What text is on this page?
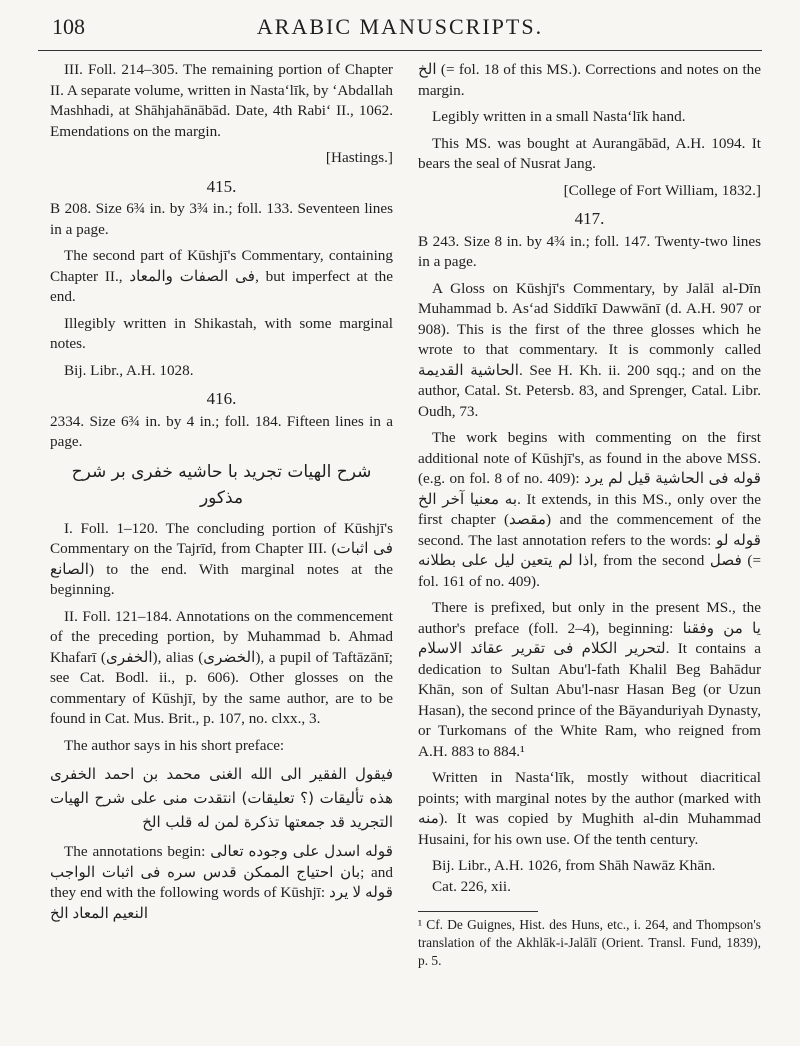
108	ARABIC MANUSCRIPTS.

III. Foll. 214–305. The remaining portion of Chapter II. A separate volume, written in Nasta‘līk, by ‘Abdallah Mashhadi, at Shāhjahānābād. Date, 4th Rabi‘ II., 1062. Emendations on the margin.

[Hastings.]

415.

B 208. Size 6¾ in. by 3¾ in.; foll. 133. Seventeen lines in a page.

The second part of Kūshjī's Commentary, containing Chapter II., فى الصفات والمعاد, but imperfect at the end.

Illegibly written in Shikastah, with some marginal notes.

Bij. Libr., A.H. 1028.

416.

2334. Size 6¾ in. by 4 in.; foll. 184. Fifteen lines in a page.

شرح الهيات تجريد با حاشيه خفرى بر شرح مذكور

I. Foll. 1–120. The concluding portion of Kūshjī's Commentary on the Tajrīd, from Chapter III. (فى اثبات الصانع) to the end. With marginal notes at the beginning.

II. Foll. 121–184. Annotations on the commencement of the preceding portion, by Muhammad b. Ahmad Khafarī (الخفرى), alias (الخضرى), a pupil of Taftāzānī; see Cat. Bodl. ii., p. 606). Other glosses on the commentary of Kūshjī, by the same author, are to be found in Cat. Mus. Brit., p. 107, no. clxx., 3.

The author says in his short preface:

فيقول الفقير الى الله الغنى محمد بن احمد الخفرى هذه تأليقات (؟ تعليقات) انتقدت منى على شرح الهيات التجريد قد جمعتها تذكرة لمن له قلب الخ

The annotations begin: قوله اسدل على وجوده تعالى بان احتياج الممكن قدس سره فى اثبات الواجب; and they end with the following words of Kūshjī: قوله لا يرد النعيم المعاد الخ

الخ (= fol. 18 of this MS.). Corrections and notes on the margin.

Legibly written in a small Nasta‘līk hand.

This MS. was bought at Aurangābād, A.H. 1094. It bears the seal of Nusrat Jang.

[College of Fort William, 1832.]

417.

B 243. Size 8 in. by 4¾ in.; foll. 147. Twenty-two lines in a page.

A Gloss on Kūshjī's Commentary, by Jalāl al-Dīn Muhammad b. As‘ad Siddīkī Dawwānī (d. A.H. 907 or 908). This is the first of the three glosses which he wrote to that commentary. It is commonly called الحاشية القديمة. See H. Kh. ii. 200 sqq.; and on the author, Catal. St. Petersb. 83, and Sprenger, Catal. Libr. Oudh, 73.

The work begins with commenting on the first additional note of Kūshjī's, as found in the above MSS. (e.g. on fol. 8 of no. 409): قوله فى الحاشية قيل لم يرد به معنيا آخر الخ. It extends, in this MS., only over the first chapter (مقصد) and the commencement of the second. The last annotation refers to the words: قوله لو اذا لم يتعين ليل على بطلانه, from the second فصل (= fol. 161 of no. 409).

There is prefixed, but only in the present MS., the author's preface (foll. 2–4), beginning: يا من وفقنا لتحرير الكلام فى تقرير عقائد الاسلام. It contains a dedication to Sultan Abu'l-fath Khalil Beg Bahādur Khān, son of Sultan Abu'l-nasr Hasan Beg (or Uzun Hasan), the second prince of the Bāyanduriyah Dynasty, or Turkomans of the White Ram, who reigned from A.H. 883 to 884.¹

Written in Nasta‘līk, mostly without diacritical points; with marginal notes by the author (marked with منه). It was copied by Mughith al-din Muhammad Husaini, for his own use. Of the tenth century.

Bij. Libr., A.H. 1026, from Shāh Nawāz Khān.

Cat. 226, xii.

¹ Cf. De Guignes, Hist. des Huns, etc., i. 264, and Thompson's translation of the Akhlāk-i-Jalālī (Orient. Transl. Fund, 1839), p. 5.
